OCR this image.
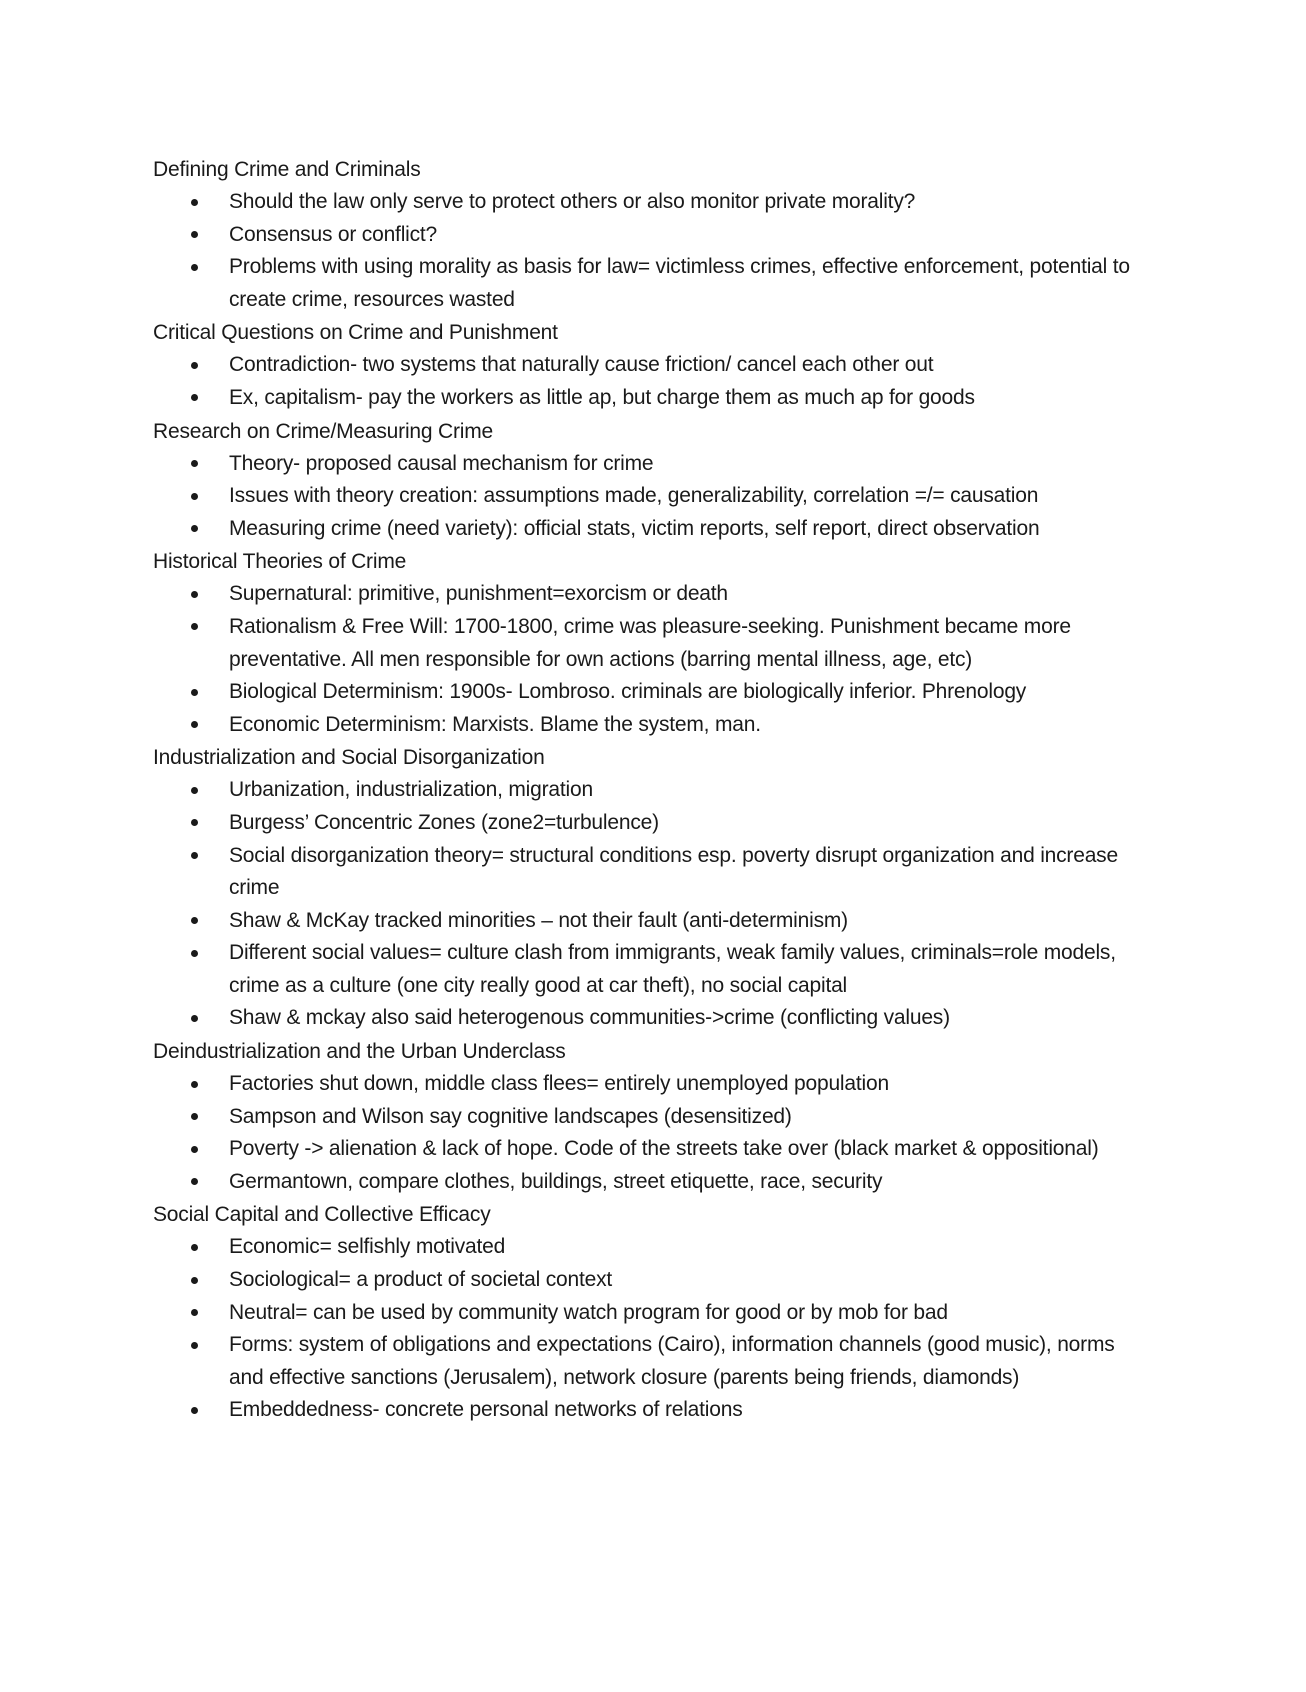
Defining Crime and Criminals
Should the law only serve to protect others or also monitor private morality?
Consensus or conflict?
Problems with using morality as basis for law= victimless crimes, effective enforcement, potential to create crime, resources wasted
Critical Questions on Crime and Punishment
Contradiction- two systems that naturally cause friction/ cancel each other out
Ex, capitalism- pay the workers as little ap, but charge them as much ap for goods
Research on Crime/Measuring Crime
Theory- proposed causal mechanism for crime
Issues with theory creation: assumptions made, generalizability, correlation =/= causation
Measuring crime (need variety): official stats, victim reports, self report, direct observation
Historical Theories of Crime
Supernatural: primitive, punishment=exorcism or death
Rationalism & Free Will: 1700-1800, crime was pleasure-seeking. Punishment became more preventative. All men responsible for own actions (barring mental illness, age, etc)
Biological Determinism: 1900s- Lombroso. criminals are biologically inferior. Phrenology
Economic Determinism: Marxists. Blame the system, man.
Industrialization and Social Disorganization
Urbanization, industrialization, migration
Burgess’ Concentric Zones (zone2=turbulence)
Social disorganization theory= structural conditions esp. poverty disrupt organization and increase crime
Shaw & McKay tracked minorities – not their fault (anti-determinism)
Different social values= culture clash from immigrants, weak family values, criminals=role models, crime as a culture (one city really good at car theft), no social capital
Shaw & mckay also said heterogenous communities->crime (conflicting values)
Deindustrialization and the Urban Underclass
Factories shut down, middle class flees= entirely unemployed population
Sampson and Wilson say cognitive landscapes (desensitized)
Poverty -> alienation & lack of hope. Code of the streets take over (black market & oppositional)
Germantown, compare clothes, buildings, street etiquette, race, security
Social Capital and Collective Efficacy
Economic= selfishly motivated
Sociological= a product of societal context
Neutral= can be used by community watch program for good or by mob for bad
Forms: system of obligations and expectations (Cairo), information channels (good music), norms and effective sanctions (Jerusalem), network closure (parents being friends, diamonds)
Embeddedness- concrete personal networks of relations
